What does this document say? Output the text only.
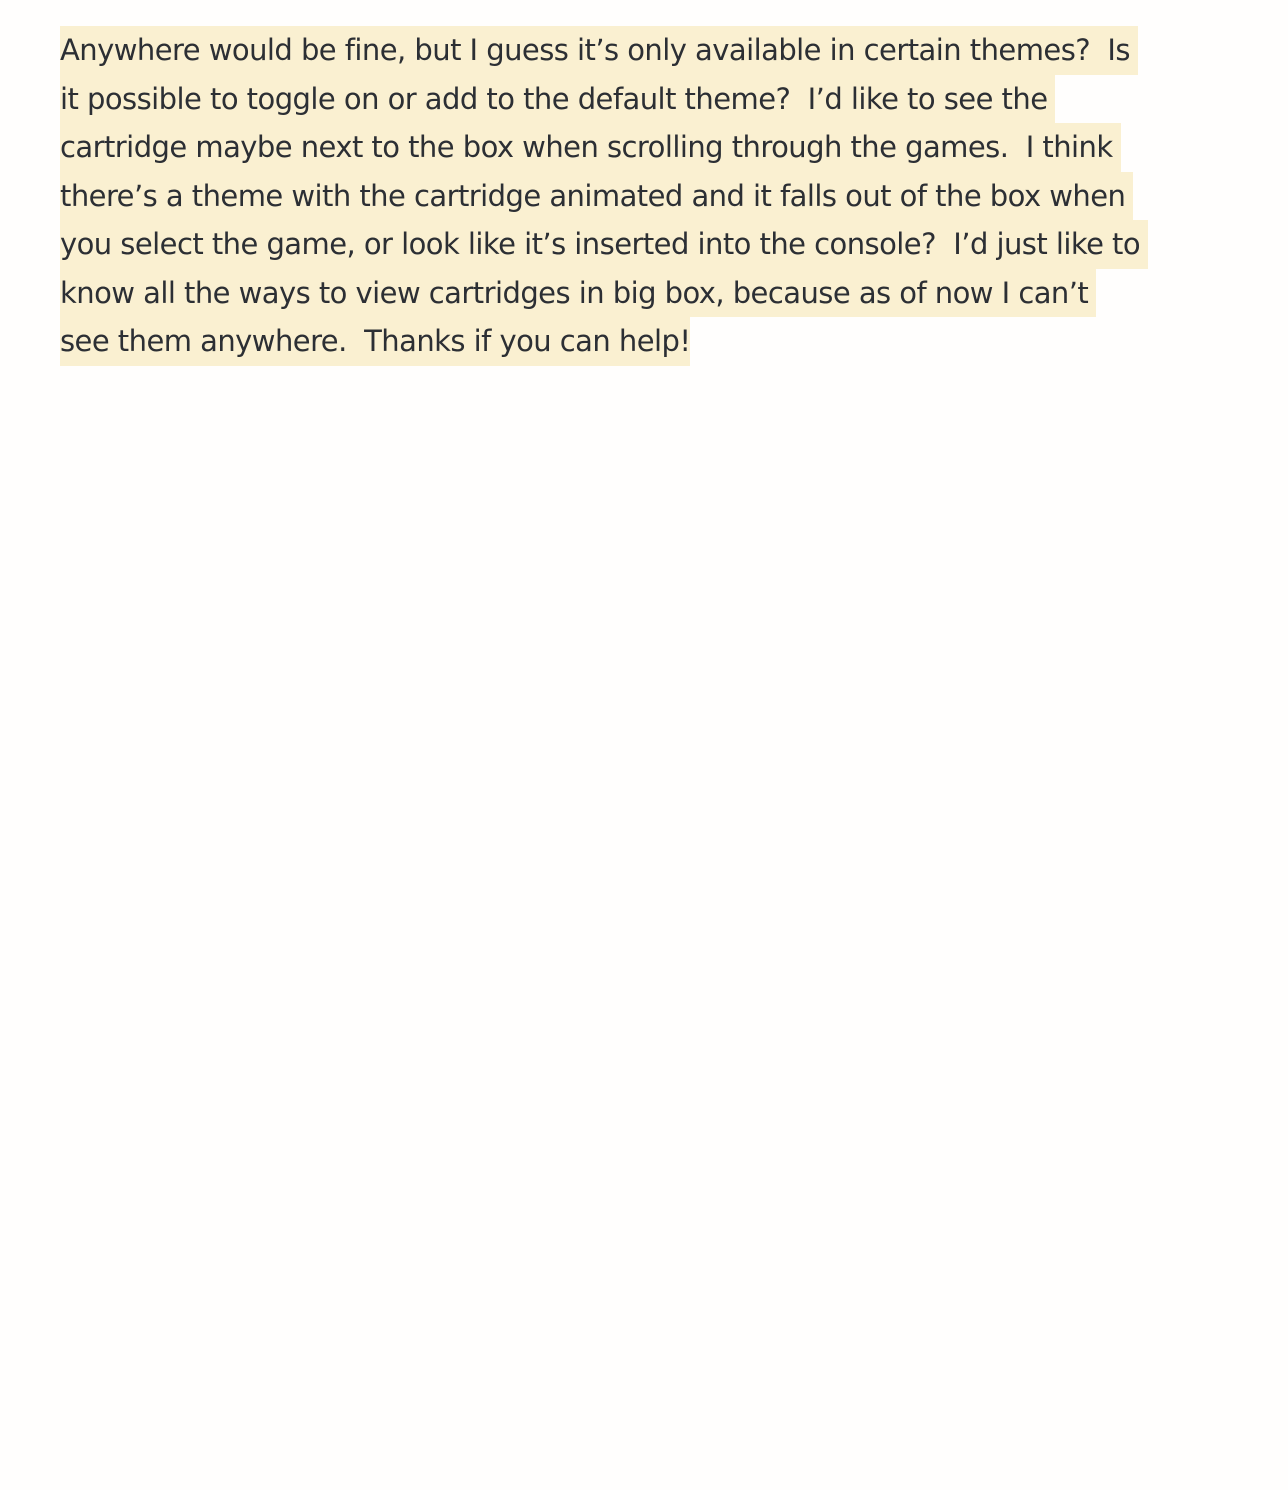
Anywhere would be fine, but I guess it’s only available in certain themes?  Is
it possible to toggle on or add to the default theme?  I’d like to see the
cartridge maybe next to the box when scrolling through the games.  I think
there’s a theme with the cartridge animated and it falls out of the box when
you select the game, or look like it’s inserted into the console?  I’d just like to
know all the ways to view cartridges in big box, because as of now I can’t
see them anywhere.  Thanks if you can help!
